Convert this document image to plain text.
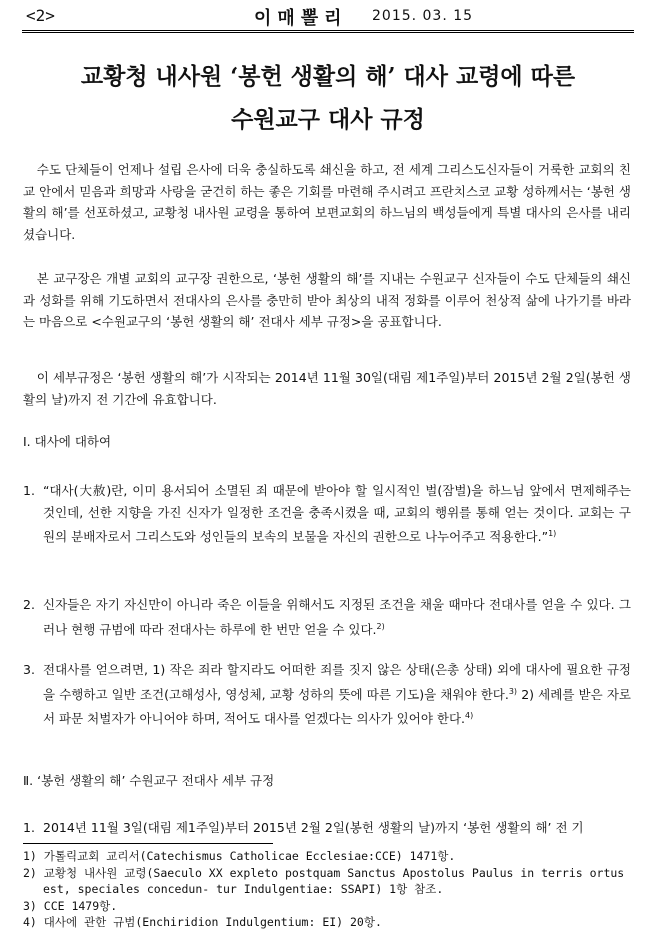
<2>	이매뽈리 2015. 03. 15
교황청 내사원 ‘봉헌 생활의 해’ 대사 교령에 따른
수원교구 대사 규정

수도 단체들이 언제나 설립 은사에 더욱 충실하도록 쇄신을 하고, 전 세계 그리스도신자들이 거룩한 교회의 친교 안에서 믿음과 희망과 사랑을 굳건히 하는 좋은 기회를 마련해 주시려고 프란치스코 교황 성하께서는 ‘봉헌 생활의 해’를 선포하셨고, 교황청 내사원 교령을 통하여 보편교회의 하느님의 백성들에게 특별 대사의 은사를 내리셨습니다.

본 교구장은 개별 교회의 교구장 권한으로, ‘봉헌 생활의 해’를 지내는 수원교구 신자들이 수도 단체들의 쇄신과 성화를 위해 기도하면서 전대사의 은사를 충만히 받아 최상의 내적 정화를 이루어 천상적 삶에 나가기를 바라는 마음으로 <수원교구의 ‘봉헌 생활의 해’ 전대사 세부 규정>을 공표합니다.

이 세부규정은 ‘봉헌 생활의 해’가 시작되는 2014년 11월 30일(대림 제1주일)부터 2015년 2월 2일(봉헌 생활의 날)까지 전 기간에 유효합니다.

Ⅰ. 대사에 대하여
1. “대사(大赦)란, 이미 용서되어 소멸된 죄 때문에 받아야 할 일시적인 벌(잠벌)을 하느님 앞에서 면제해주는 것인데, 선한 지향을 가진 신자가 일정한 조건을 충족시켰을 때, 교회의 행위를 통해 얻는 것이다. 교회는 구원의 분배자로서 그리스도와 성인들의 보속의 보물을 자신의 권한으로 나누어주고 적용한다.”$^{1)}$
2. 신자들은 자기 자신만이 아니라 죽은 이들을 위해서도 지정된 조건을 채울 때마다 전대사를 얻을 수 있다. 그러나 현행 규범에 따라 전대사는 하루에 한 번만 얻을 수 있다.$^{2)}$
3. 전대사를 얻으려면, 1) 작은 죄라 할지라도 어떠한 죄를 짓지 않은 상태(은총 상태) 외에 대사에 필요한 규정을 수행하고 일반 조건(고해성사, 영성체, 교황 성하의 뜻에 따른 기도)을 채워야 한다.$^{3)}$ 2) 세례를 받은 자로서 파문 처벌자가 아니어야 하며, 적어도 대사를 얻겠다는 의사가 있어야 한다.$^{4)}$
Ⅱ. ‘봉헌 생활의 해’ 수원교구 전대사 세부 규정
1. 2014년 11월 3일(대림 제1주일)부터 2015년 2월 2일(봉헌 생활의 날)까지 ‘봉헌 생활의 해’ 전 기
1) 가톨릭교회 교리서(Catechismus Catholicae Ecclesiae:CCE) 1471항.
2) 교황청 내사원 교령(Saeculo XX expleto postquam Sanctus Apostolus Paulus in terris ortus est, speciales concedun- tur Indulgentiae: SSAPI) 1항 참조.
3) CCE 1479항.
4) 대사에 관한 규범(Enchiridion Indulgentium: EI) 20항.
